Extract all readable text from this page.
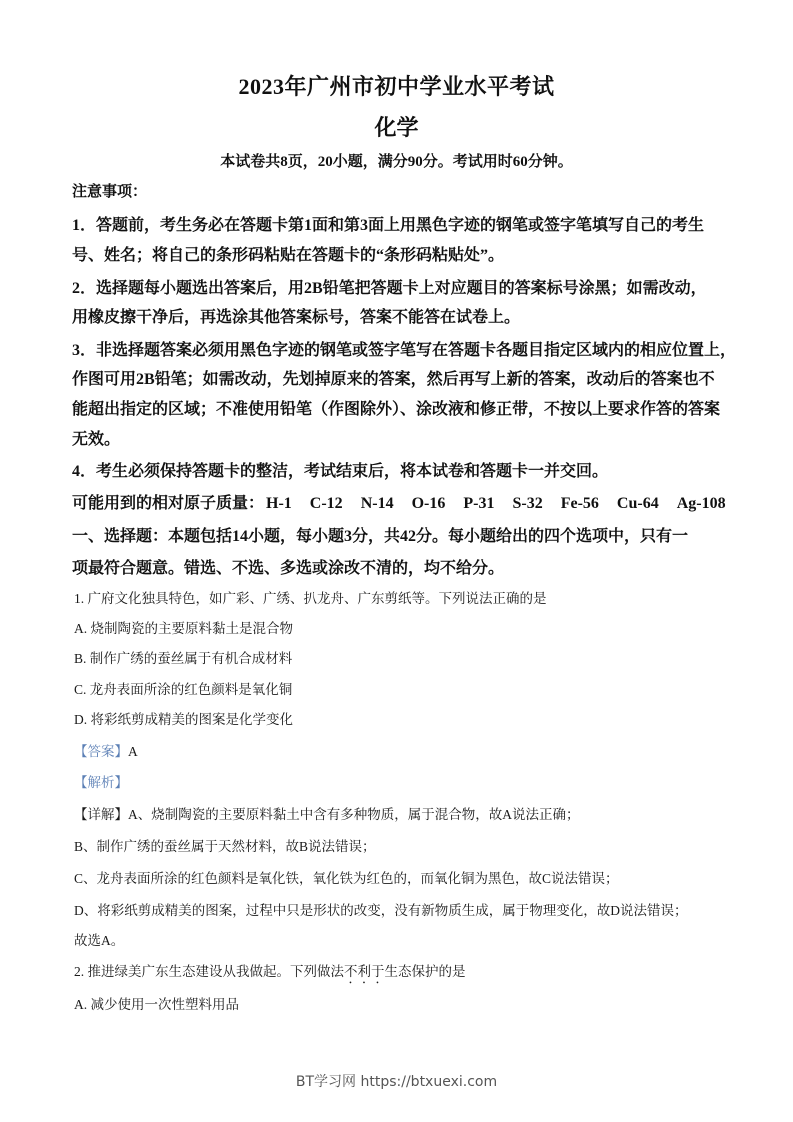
2023年广州市初中学业水平考试
化学
本试卷共8页，20小题，满分90分。考试用时60分钟。
注意事项：
1．答题前，考生务必在答题卡第1面和第3面上用黑色字迹的钢笔或签字笔填写自己的考生
号、姓名；将自己的条形码粘贴在答题卡的“条形码粘贴处”。
2．选择题每小题选出答案后，用2B铅笔把答题卡上对应题目的答案标号涂黑；如需改动，
用橡皮擦干净后，再选涂其他答案标号，答案不能答在试卷上。
3．非选择题答案必须用黑色字迹的钢笔或签字笔写在答题卡各题目指定区域内的相应位置上，
作图可用2B铅笔；如需改动，先划掉原来的答案，然后再写上新的答案，改动后的答案也不
能超出指定的区域；不准使用铅笔（作图除外）、涂改液和修正带，不按以上要求作答的答案
无效。
4．考生必须保持答题卡的整洁，考试结束后，将本试卷和答题卡一并交回。
可能用到的相对原子质量： H-1 C-12 N-14 O-16 P-31 S-32 Fe-56 Cu-64 Ag-108
一、选择题：本题包括14小题，每小题3分，共42分。每小题给出的四个选项中，只有一
项最符合题意。错选、不选、多选或涂改不清的，均不给分。
1. 广府文化独具特色，如广彩、广绣、扒龙舟、广东剪纸等。下列说法正确的是
A. 烧制陶瓷的主要原料黏土是混合物
B. 制作广绣的蚕丝属于有机合成材料
C. 龙舟表面所涂的红色颜料是氧化铜
D. 将彩纸剪成精美的图案是化学变化
【答案】A
【解析】
【详解】A、烧制陶瓷的主要原料黏土中含有多种物质，属于混合物，故A说法正确；
B、制作广绣的蚕丝属于天然材料，故B说法错误；
C、龙舟表面所涂的红色颜料是氧化铁，氧化铁为红色的，而氧化铜为黑色，故C说法错误；
D、将彩纸剪成精美的图案，过程中只是形状的改变，没有新物质生成，属于物理变化，故D说法错误；
故选A。
2. 推进绿美广东生态建设从我做起。下列做法不利于生态保护的是
A. 减少使用一次性塑料用品
BT学习网 https://btxuexi.com
